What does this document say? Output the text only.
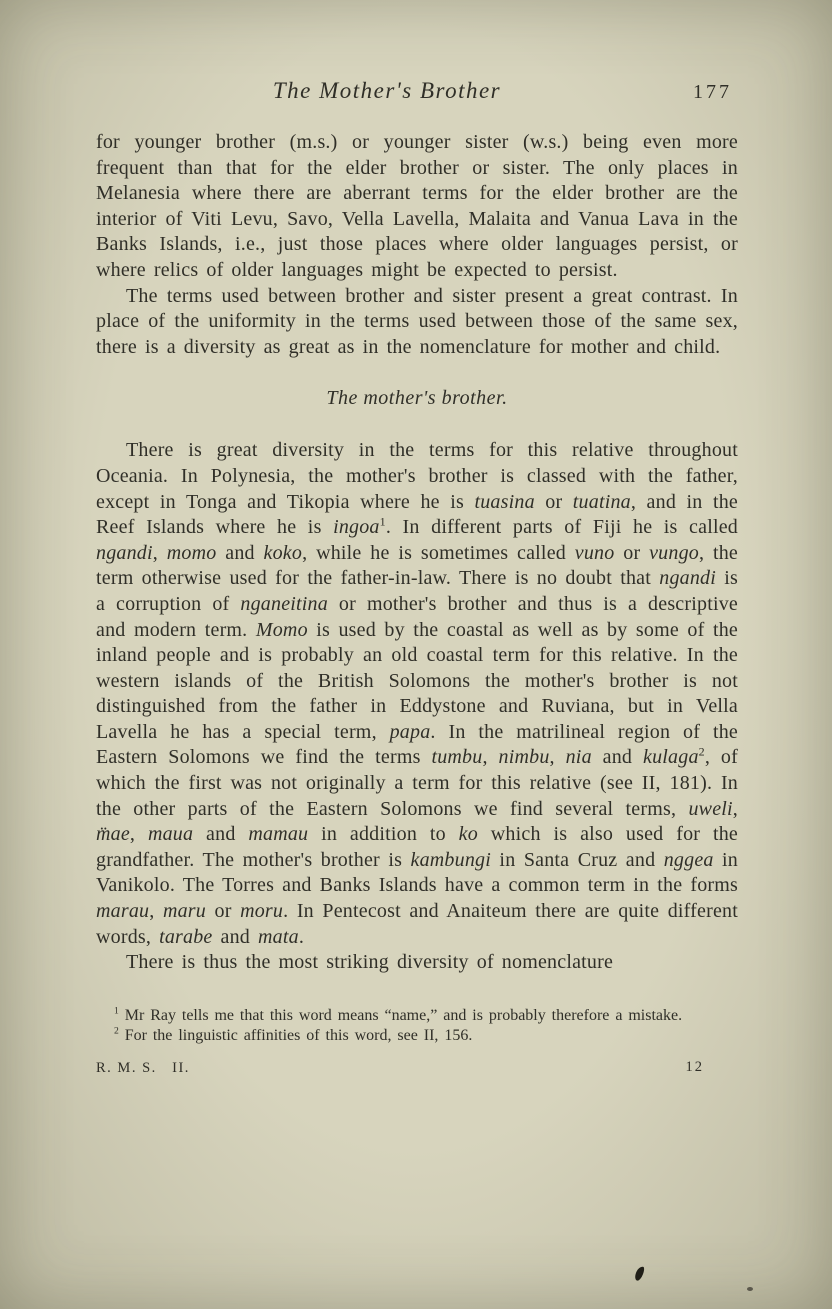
The Mother's Brother	177

for younger brother (m.s.) or younger sister (w.s.) being even more frequent than that for the elder brother or sister. The only places in Melanesia where there are aberrant terms for the elder brother are the interior of Viti Levu, Savo, Vella Lavella, Malaita and Vanua Lava in the Banks Islands, i.e., just those places where older languages persist, or where relics of older languages might be expected to persist.

The terms used between brother and sister present a great contrast. In place of the uniformity in the terms used between those of the same sex, there is a diversity as great as in the nomenclature for mother and child.

The mother's brother.

There is great diversity in the terms for this relative throughout Oceania. In Polynesia, the mother's brother is classed with the father, except in Tonga and Tikopia where he is tuasina or tuatina, and in the Reef Islands where he is ingoa$^1$. In different parts of Fiji he is called ngandi, momo and koko, while he is sometimes called vuno or vungo, the term otherwise used for the father-in-law. There is no doubt that ngandi is a corruption of nganeitina or mother's brother and thus is a descriptive and modern term. Momo is used by the coastal as well as by some of the inland people and is probably an old coastal term for this relative. In the western islands of the British Solomons the mother's brother is not distinguished from the father in Eddystone and Ruviana, but in Vella Lavella he has a special term, papa. In the matrilineal region of the Eastern Solomons we find the terms tumbu, nimbu, nia and kulaga$^2$, of which the first was not originally a term for this relative (see II, 181). In the other parts of the Eastern Solomons we find several terms, uweli, m̈ae, maua and mamau in addition to ko which is also used for the grandfather. The mother's brother is kambungi in Santa Cruz and nggea in Vanikolo. The Torres and Banks Islands have a common term in the forms marau, maru or moru. In Pentecost and Anaiteum there are quite different words, tarabe and mata.

There is thus the most striking diversity of nomenclature

$^1$ Mr Ray tells me that this word means “name,” and is probably therefore a mistake.

$^2$ For the linguistic affinities of this word, see II, 156.

R. M. S.   II.	12
